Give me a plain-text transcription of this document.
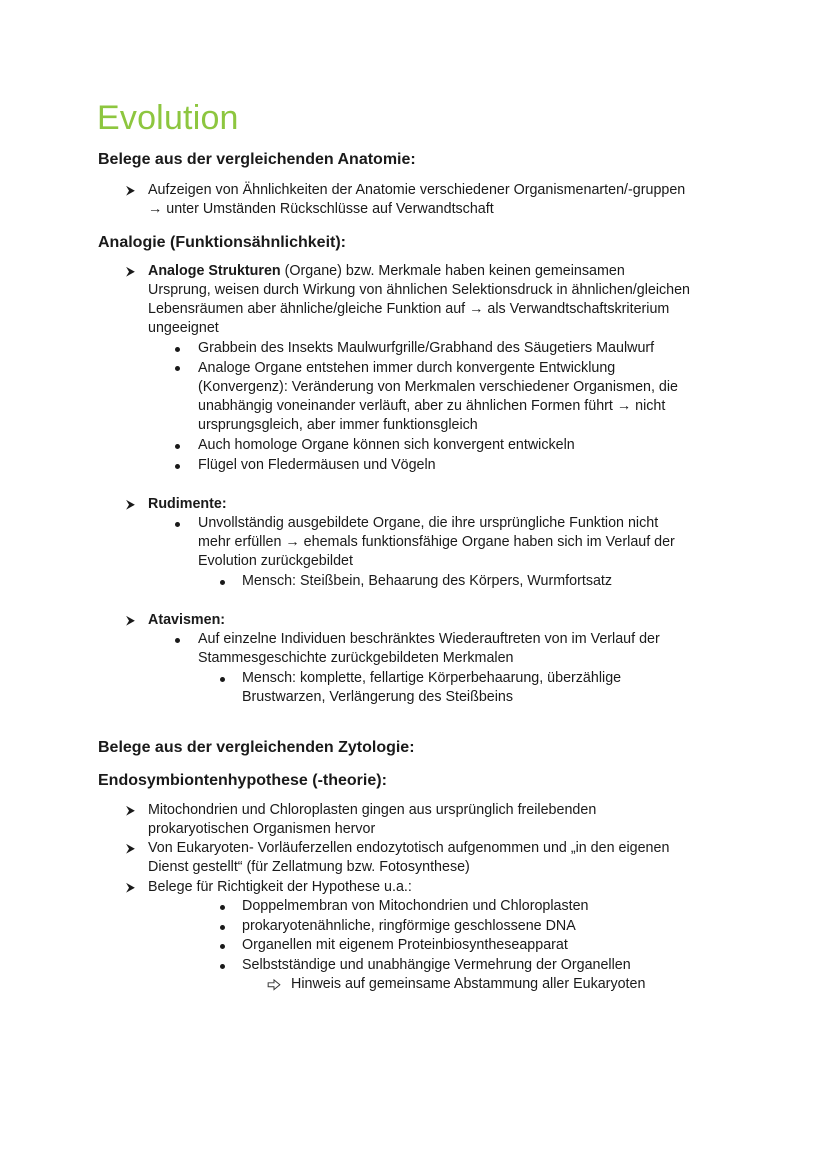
Evolution
Belege aus der vergleichenden Anatomie:
Aufzeigen von Ähnlichkeiten der Anatomie verschiedener Organismenarten/-gruppen
→ unter Umständen Rückschlüsse auf Verwandtschaft
Analogie (Funktionsähnlichkeit):
Analoge Strukturen (Organe) bzw. Merkmale haben keinen gemeinsamen
Ursprung, weisen durch Wirkung von ähnlichen Selektionsdruck in ähnlichen/gleichen
Lebensräumen aber ähnliche/gleiche Funktion auf → als Verwandtschaftskriterium
ungeeignet
Grabbein des Insekts Maulwurfgrille/Grabhand des Säugetiers Maulwurf
Analoge Organe entstehen immer durch konvergente Entwicklung
(Konvergenz): Veränderung von Merkmalen verschiedener Organismen, die
unabhängig voneinander verläuft, aber zu ähnlichen Formen führt → nicht
ursprungsgleich, aber immer funktionsgleich
Auch homologe Organe können sich konvergent entwickeln
Flügel von Fledermäusen und Vögeln
Rudimente:
Unvollständig ausgebildete Organe, die ihre ursprüngliche Funktion nicht
mehr erfüllen → ehemals funktionsfähige Organe haben sich im Verlauf der
Evolution zurückgebildet
Mensch: Steißbein, Behaarung des Körpers, Wurmfortsatz
Atavismen:
Auf einzelne Individuen beschränktes Wiederauftreten von im Verlauf der
Stammesgeschichte zurückgebildeten Merkmalen
Mensch: komplette, fellartige Körperbehaarung, überzählige
Brustwarzen, Verlängerung des Steißbeins
Belege aus der vergleichenden Zytologie:
Endosymbiontenhypothese (-theorie):
Mitochondrien und Chloroplasten gingen aus ursprünglich freilebenden
prokaryotischen Organismen hervor
Von Eukaryoten- Vorläuferzellen endozytotisch aufgenommen und „in den eigenen
Dienst gestellt“ (für Zellatmung bzw. Fotosynthese)
Belege für Richtigkeit der Hypothese u.a.:
Doppelmembran von Mitochondrien und Chloroplasten
prokaryotenähnliche, ringförmige geschlossene DNA
Organellen mit eigenem Proteinbiosyntheseapparat
Selbstständige und unabhängige Vermehrung der Organellen
Hinweis auf gemeinsame Abstammung aller Eukaryoten
